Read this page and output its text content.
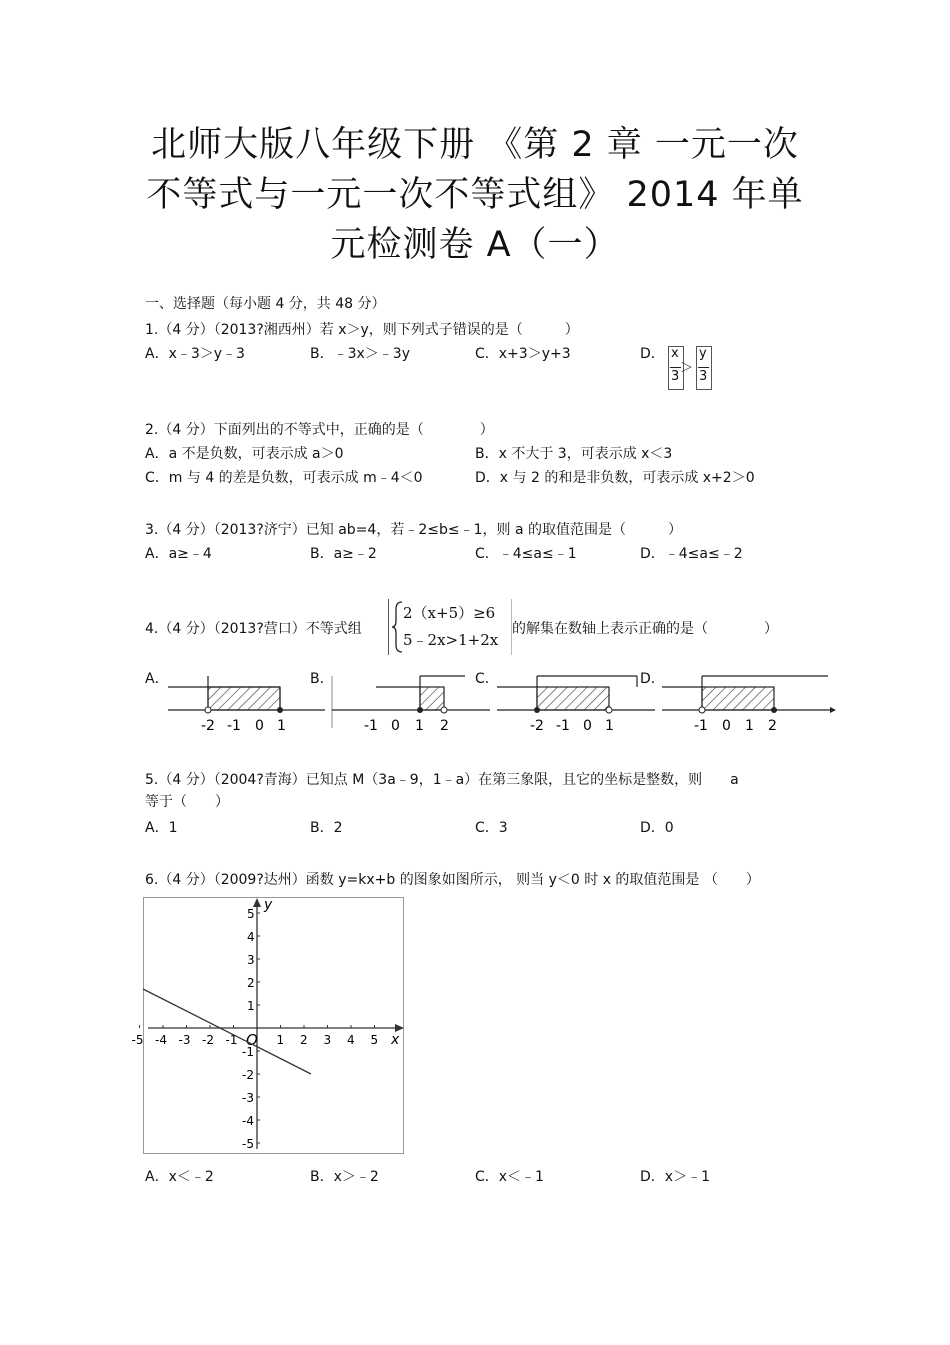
北师大版八年级下册 《第 2 章 一元一次
不等式与一元一次不等式组》 2014 年单
元检测卷 A（一）
一、选择题（每小题 4 分，共 48 分）
1.（4 分）（2013?湘西州）若 x＞y，则下列式子错误的是（　　　）
A．x﹣3＞y﹣3	B．﹣3x＞﹣3y	C．x+3＞y+3	D． x
3
＞
y
3
2.（4 分）下面列出的不等式中，正确的是（　　　　）
A．a 不是负数，可表示成 a＞0	B．x 不大于 3，可表示成 x＜3
C．m 与 4 的差是负数，可表示成 m﹣4＜0	D．x 与 2 的和是非负数，可表示成 x+2＞0
3.（4 分）（2013?济宁）已知 ab=4，若﹣2≤b≤﹣1，则 a 的取值范围是（　　　）
A．a≥﹣4	B．a≥﹣2	C．﹣4≤a≤﹣1	D．﹣4≤a≤﹣2
4.（4 分）（2013?营口）不等式组
2（x+5）≥6
5﹣2x>1+2x
的解集在数轴上表示正确的是（　　　　）
A．	B．	C．	D．
-2 -1 0 1	-1 0 1 2	-2 -1 0 1	-1 0 1 2
5.（4 分）（2004?青海）已知点 M（3a﹣9，1﹣a）在第三象限，且它的坐标是整数，则　　a
等于（　　）
A．1	B．2	C．3	D．0
6.（4 分）（2009?达州）函数 y=kx+b 的图象如图所示， 则当 y＜0 时 x 的取值范围是 （　　）
-5 -4 -3 -2 -1	1 2 3 4 5
5
4
3
2
1
-1
-2
-3
-4
-5
x
y
O
A．x＜﹣2	B．x＞﹣2	C．x＜﹣1	D．x＞﹣1
